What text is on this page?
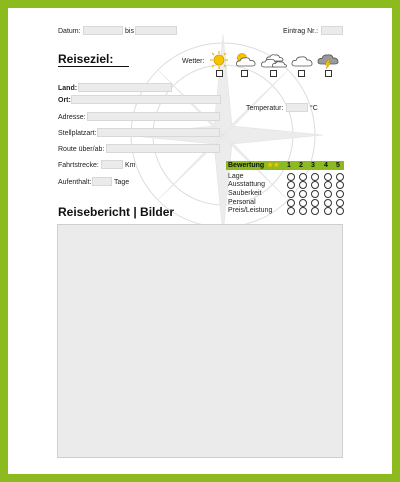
Datum:	bis	Eintrag Nr.:
Reiseziel:	Wetter:
Land:
Ort:
Adresse:
Stellplatzart:
Route über/ab:
Fahrtstrecke:	Km
Aufenthalt:	Tage
Temperatur:	°C
Bewertung ★★ 1 2 3 4 5
Lage
Ausstattung
Sauberkeit
Personal
Preis/Leistung
Reisebericht | Bilder
